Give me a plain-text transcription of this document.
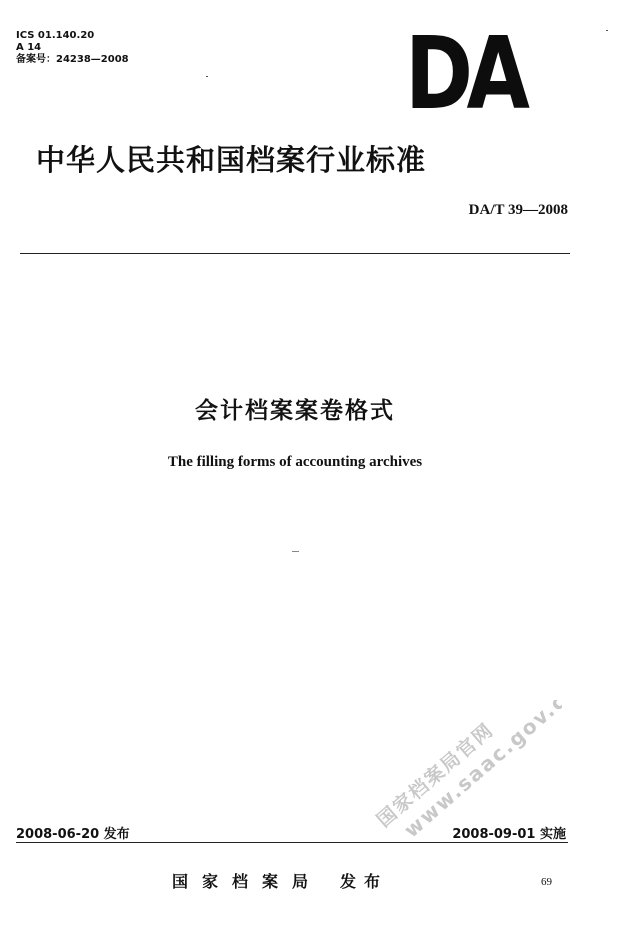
ICS 01.140.20
A 14
备案号：24238—2008	DA
中华人民共和国档案行业标准
DA/T 39—2008
会计档案案卷格式
The filling forms of accounting archives
国家档案局官网
www.saac.gov.cn
2008-06-20 发布	2008-09-01 实施
国家档案局 发布	69
